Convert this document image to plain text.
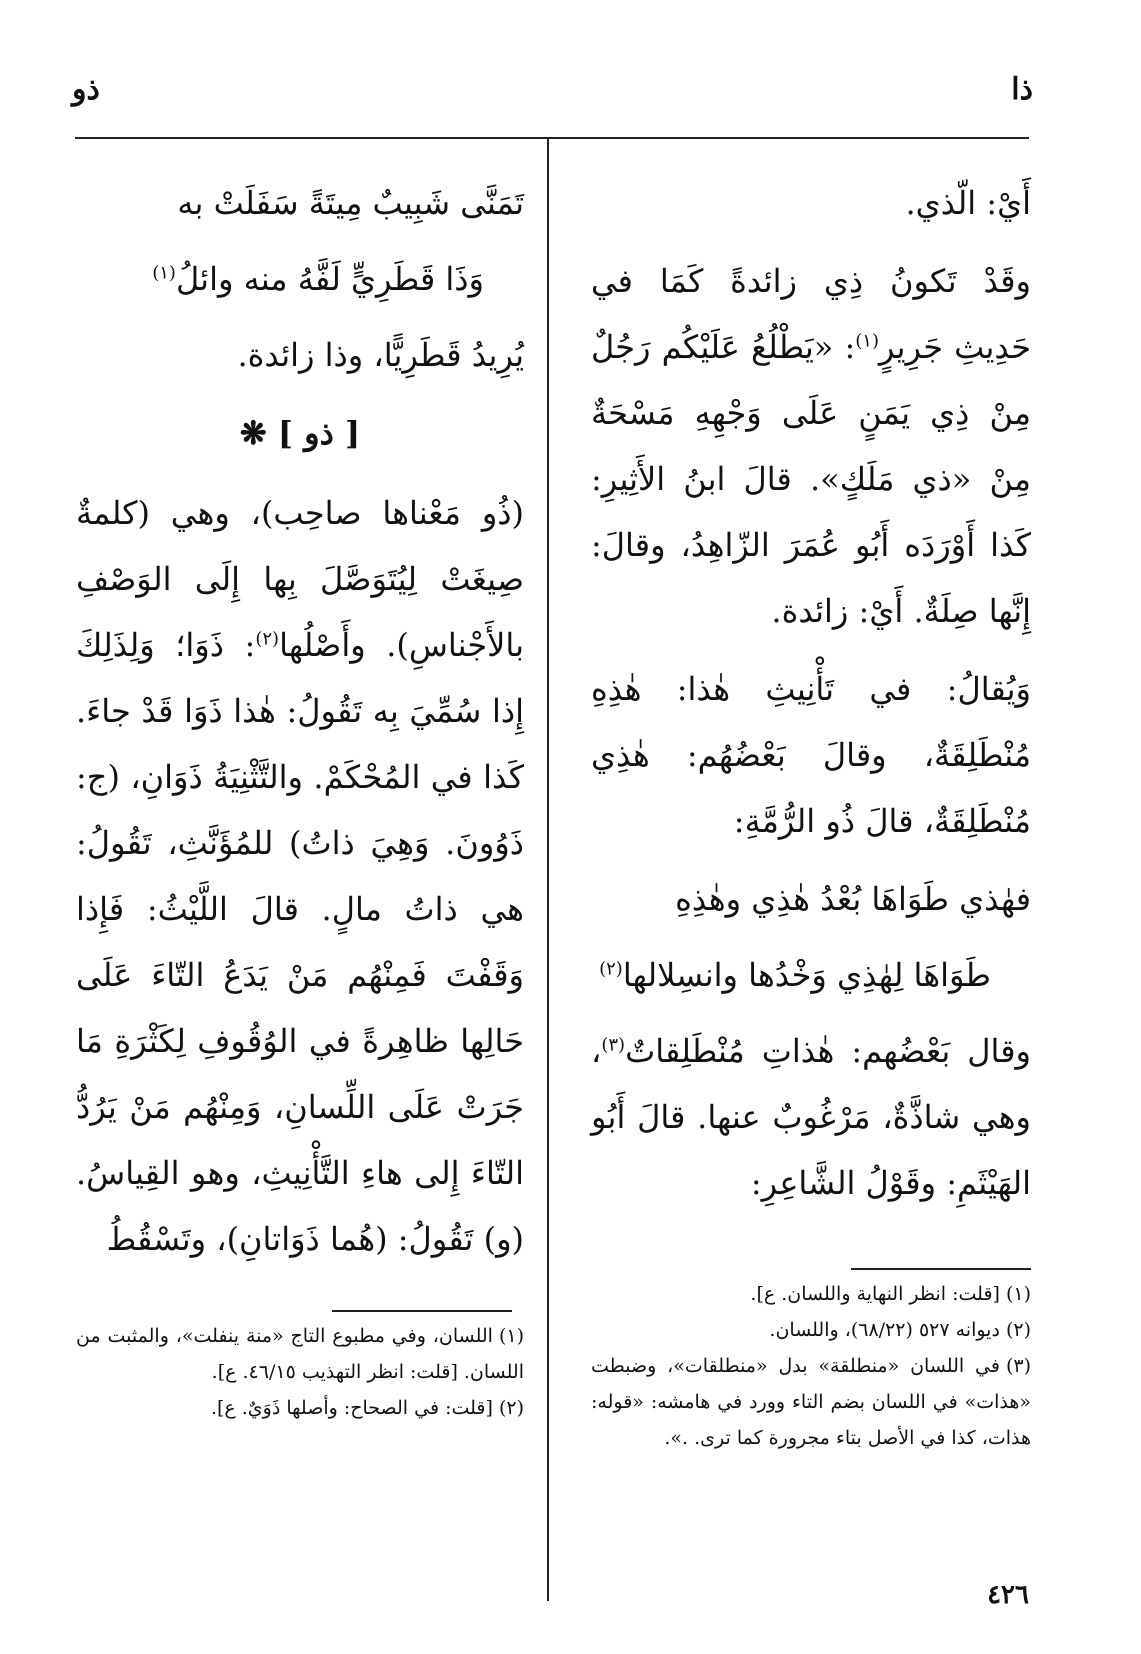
ذا
ذو

أَيْ: الّذي.

وقَدْ تَكونُ ذِي زائدةً كَمَا في حَدِيثِ جَرِيرٍ$^{(١)}$: «يَطْلُعُ عَلَيْكُم رَجُلٌ مِنْ ذِي يَمَنٍ عَلَى وَجْهِهِ مَسْحَةٌ مِنْ «ذي مَلَكٍ». قالَ ابنُ الأَثِيرِ: كَذا أَوْرَدَه أَبُو عُمَرَ الزّاهِدُ، وقالَ: إِنَّها صِلَةٌ. أَيْ: زائدة.

وَيُقالُ: في تَأْنِيثِ هٰذا: هٰذِهِ مُنْطَلِقَةٌ، وقالَ بَعْضُهُم: هٰذِي مُنْطَلِقَةٌ، قالَ ذُو الرُّمَّةِ:

فهٰذي طَوَاهَا بُعْدُ هٰذِي وهٰذِهِ
طَوَاهَا لِهٰذِي وَخْدُها وانسِلالها$^{(٢)}$

وقال بَعْضُهم: هٰذاتِ مُنْطَلِقاتٌ$^{(٣)}$، وهي شاذَّةٌ، مَرْغُوبٌ عنها. قالَ أَبُو الهَيْثَمِ: وقَوْلُ الشَّاعِرِ:

تَمَنَّى شَبِيبٌ مِيتَةً سَفَلَتْ به
وَذَا قَطَرِيٍّ لَفَّهُ منه وائلُ$^{(١)}$

يُرِيدُ قَطَرِيًّا، وذا زائدة.

[ ذو ] ❋

(ذُو مَعْناها صاحِب)، وهي (كلمةٌ صِيغَتْ لِيُتَوَصَّلَ بِها إِلَى الوَصْفِ بالأَجْناسِ). وأَصْلُها$^{(٢)}$: ذَوَا؛ وَلِذَلِكَ إِذا سُمِّيَ بِه تَقُولُ: هٰذا ذَوَا قَدْ جاءَ. كَذا في المُحْكَمْ. والتَّثْنِيَةُ ذَوَانِ، (ج: ذَوُونَ. وَهِيَ ذاتُ) للمُؤَنَّثِ، تَقُولُ: هي ذاتُ مالٍ. قالَ اللَّيْثُ: فَإِذا وَقَفْتَ فَمِنْهُم مَنْ يَدَعُ التّاءَ عَلَى حَالِها ظاهِرةً في الوُقُوفِ لِكَثْرَةِ مَا جَرَتْ عَلَى اللِّسانِ، وَمِنْهُم مَنْ يَرُدُّ التّاءَ إِلى هاءِ التَّأْنِيثِ، وهو القِياسُ. (و) تَقُولُ: (هُما ذَوَاتانِ)، وتَسْقُطُ

(١)[قلت: انظر النهاية واللسان. ع].

(٢)ديوانه ٥٢٧ (٦٨/٢٢)، واللسان.

(٣)في اللسان «منطلقة» بدل «منطلقات»، وضبطت «هذات» في اللسان بضم التاء وورد في هامشه: «قوله: هذات، كذا في الأصل بتاء مجرورة كما ترى. .».

(١)اللسان، وفي مطبوع التاج «منة ينفلت»، والمثبت من اللسان. [قلت: انظر التهذيب ٤٦/١٥. ع].

(٢)[قلت: في الصحاح: وأصلها ذَوَيٌ. ع].

٤٢٦
